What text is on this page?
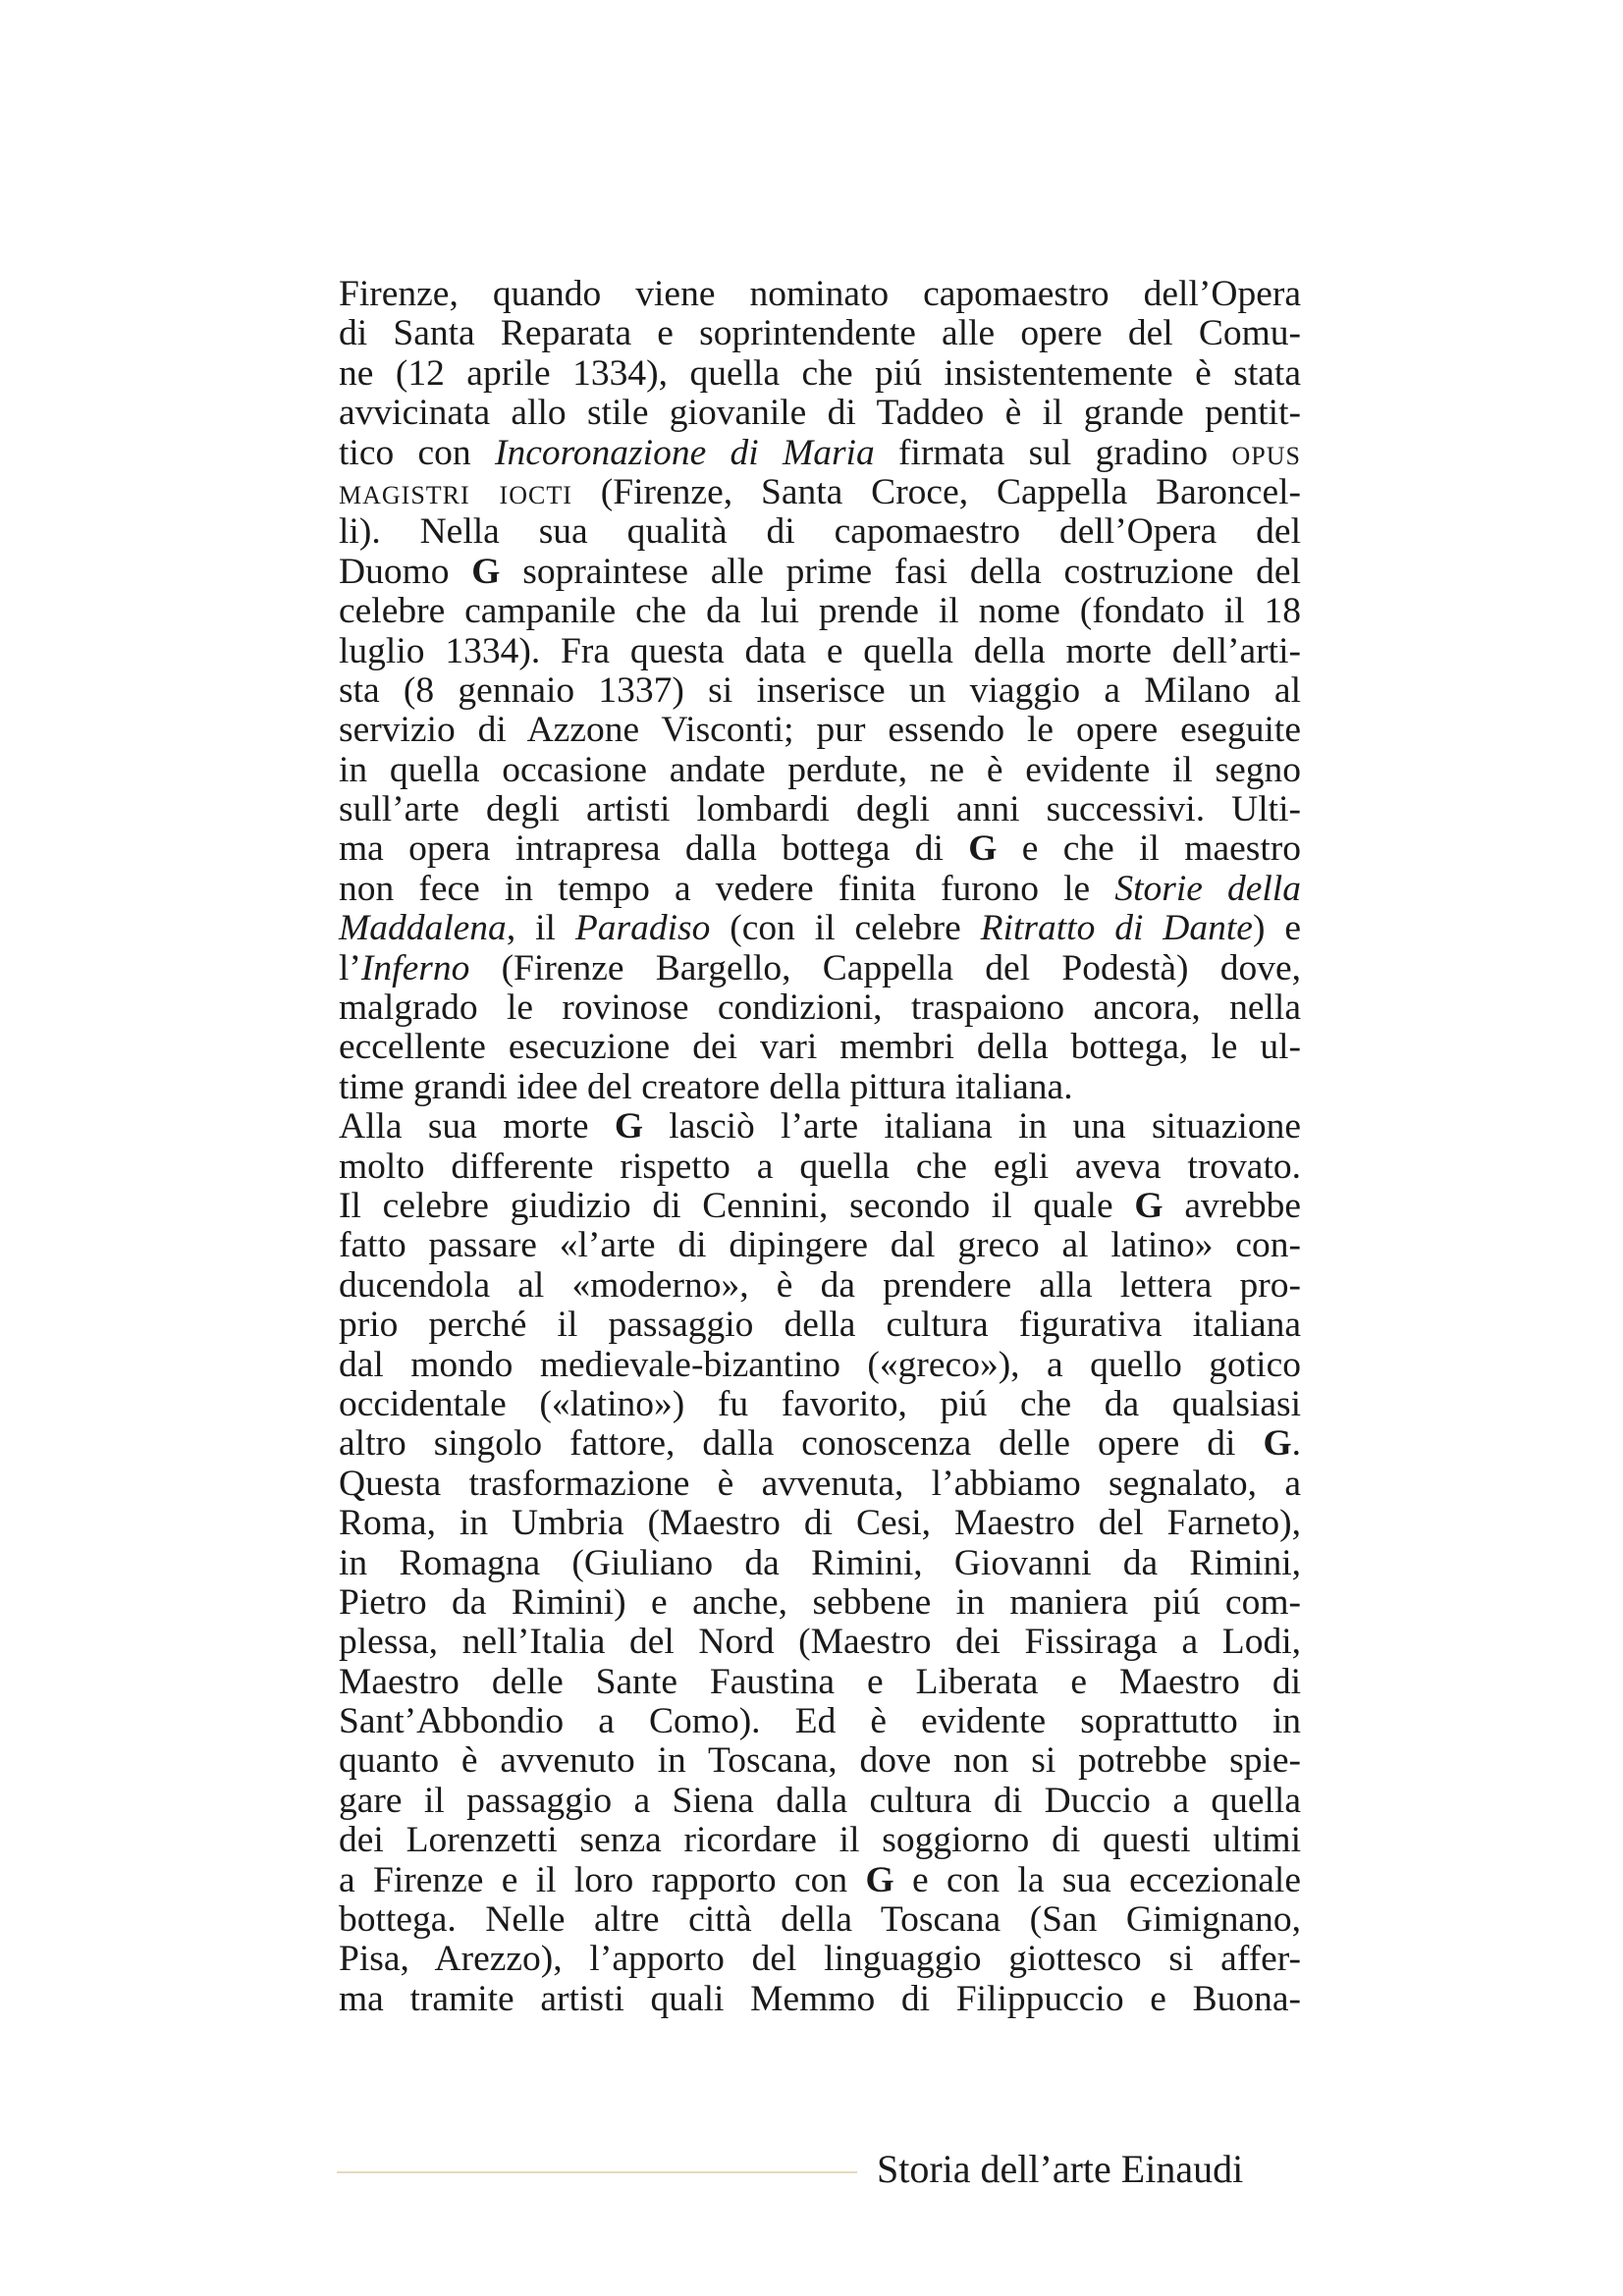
Firenze, quando viene nominato capomaestro dell’Opera
di Santa Reparata e soprintendente alle opere del Comu-
ne (12 aprile 1334), quella che piú insistentemente è stata
avvicinata allo stile giovanile di Taddeo è il grande pentit-
tico con Incoronazione di Maria firmata sul gradino opus
magistri iocti (Firenze, Santa Croce, Cappella Baroncel-
li). Nella sua qualità di capomaestro dell’Opera del
Duomo G sopraintese alle prime fasi della costruzione del
celebre campanile che da lui prende il nome (fondato il 18
luglio 1334). Fra questa data e quella della morte dell’arti-
sta (8 gennaio 1337) si inserisce un viaggio a Milano al
servizio di Azzone Visconti; pur essendo le opere eseguite
in quella occasione andate perdute, ne è evidente il segno
sull’arte degli artisti lombardi degli anni successivi. Ulti-
ma opera intrapresa dalla bottega di G e che il maestro
non fece in tempo a vedere finita furono le Storie della
Maddalena, il Paradiso (con il celebre Ritratto di Dante) e
l’Inferno (Firenze Bargello, Cappella del Podestà) dove,
malgrado le rovinose condizioni, traspaiono ancora, nella
eccellente esecuzione dei vari membri della bottega, le ul-
time grandi idee del creatore della pittura italiana.
Alla sua morte G lasciò l’arte italiana in una situazione
molto differente rispetto a quella che egli aveva trovato.
Il celebre giudizio di Cennini, secondo il quale G avrebbe
fatto passare «l’arte di dipingere dal greco al latino» con-
ducendola al «moderno», è da prendere alla lettera pro-
prio perché il passaggio della cultura figurativa italiana
dal mondo medievale-bizantino («greco»), a quello gotico
occidentale («latino») fu favorito, piú che da qualsiasi
altro singolo fattore, dalla conoscenza delle opere di G.
Questa trasformazione è avvenuta, l’abbiamo segnalato, a
Roma, in Umbria (Maestro di Cesi, Maestro del Farneto),
in Romagna (Giuliano da Rimini, Giovanni da Rimini,
Pietro da Rimini) e anche, sebbene in maniera piú com-
plessa, nell’Italia del Nord (Maestro dei Fissiraga a Lodi,
Maestro delle Sante Faustina e Liberata e Maestro di
Sant’Abbondio a Como). Ed è evidente soprattutto in
quanto è avvenuto in Toscana, dove non si potrebbe spie-
gare il passaggio a Siena dalla cultura di Duccio a quella
dei Lorenzetti senza ricordare il soggiorno di questi ultimi
a Firenze e il loro rapporto con G e con la sua eccezionale
bottega. Nelle altre città della Toscana (San Gimignano,
Pisa, Arezzo), l’apporto del linguaggio giottesco si affer-
ma tramite artisti quali Memmo di Filippuccio e Buona-
Storia dell’arte Einaudi
